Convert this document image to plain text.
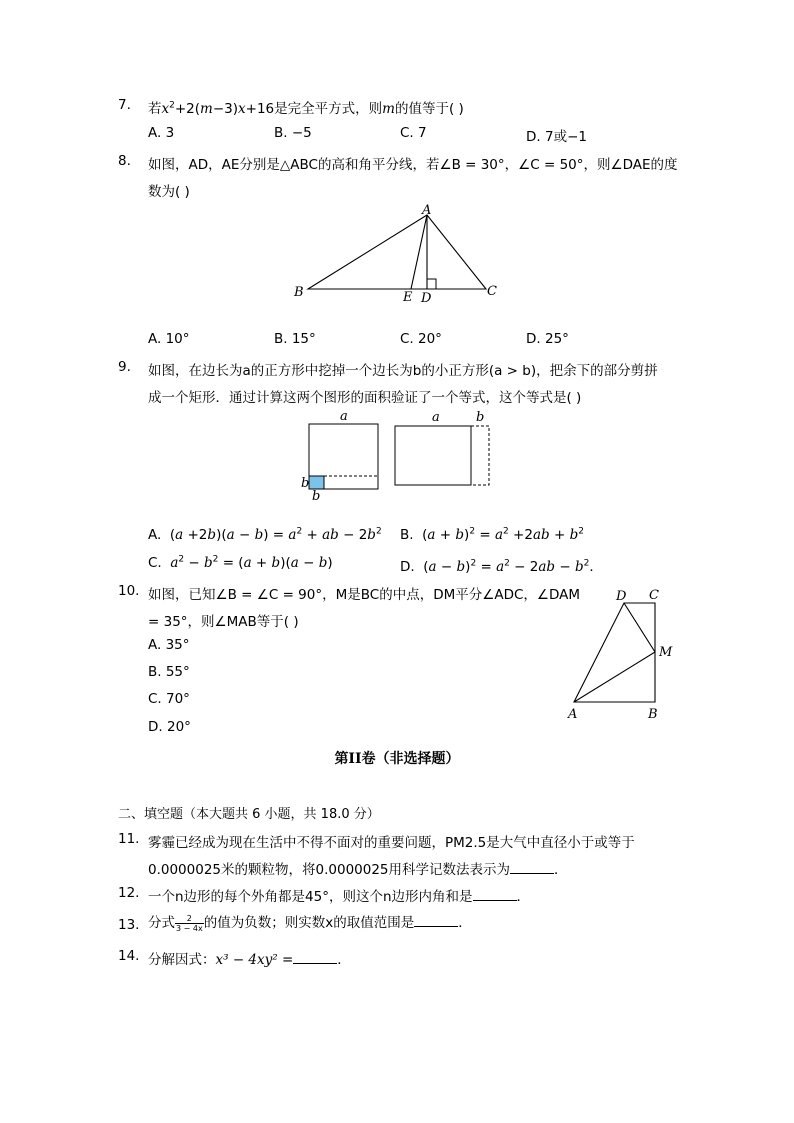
7. 若$x^2+2(m-3)x+16$是完全平方式，则m的值等于( )
A. 3	B. −5	C. 7	D. 7或−1
8. 如图，AD，AE分别是△ABC的高和角平分线，若∠B = 30°，∠C = 50°，则∠DAE的度
数为( )
A
B	C
D
E
A. 10°	B. 15°	C. 20°	D. 25°
9. 如图，在边长为a的正方形中挖掉一个边长为b的小正方形(a > b)，把余下的部分剪拼
成一个矩形．通过计算这两个图形的面积验证了一个等式，这个等式是( )
a
b
b
a	b
A.  $(a +2b)(a - b) = a^2$ + ab − $2b^2$ B.  $(a + b)^2 = a^2 +2ab + b^2$
C.  $a^2 - b^2 = (a + b)(a - b)$	D.  $(a - b)^2 = a^2 - 2ab - b^2$．
10. 如图，已知∠B = ∠C = 90°，M是BC的中点，DM平分∠ADC，∠DAM
= 35°，则∠MAB等于( )
A. 35°
B. 55°
C. 70°
D. 20°
D C
M
A	B
第II卷（非选择题）
二、填空题（本大题共 6 小题，共 18.0 分）
11. 雾霾已经成为现在生活中不得不面对的重要问题，PM2.5是大气中直径小于或等于
0.0000025米的颗粒物，将0.0000025用科学记数法表示为	．
12. 一个n边形的每个外角都是45°，则这个n边形内角和是	．
13. 分式 $\frac{2}{3 - 4x}$ 的值为负数；则实数x的取值范围是	．
14. 分解因式：x³ − 4xy² =	．
